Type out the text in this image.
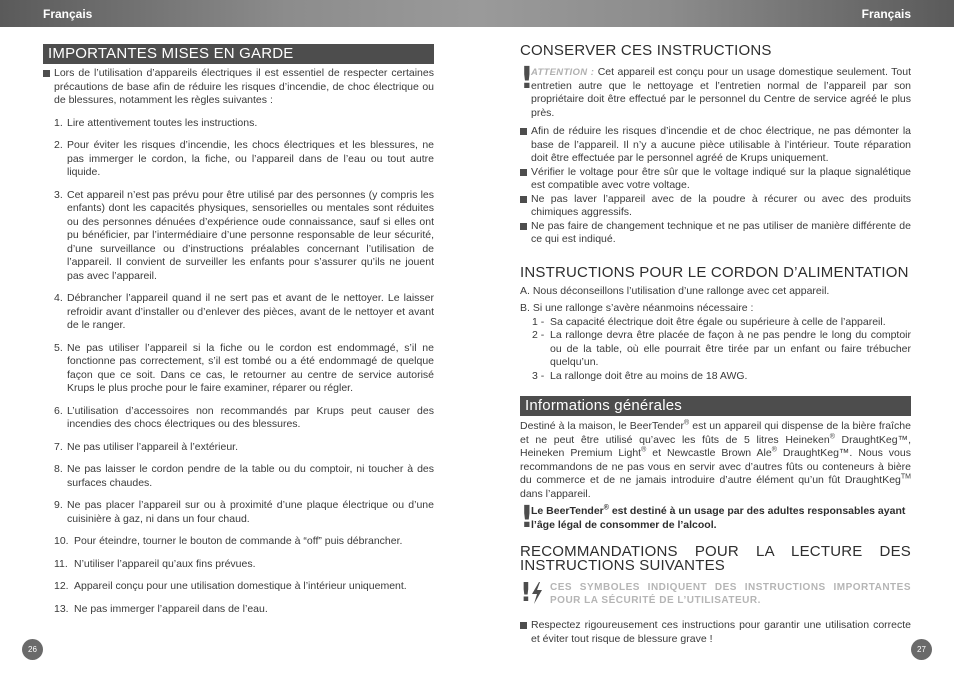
Français	Français
IMPORTANTES MISES EN GARDE
Lors de l’utilisation d’appareils électriques il est essentiel de respecter certaines précautions de base afin de réduire les risques d’incendie, de choc électrique ou de blessures, notamment les règles suivantes :
1. Lire attentivement toutes les instructions.
2. Pour éviter les risques d’incendie, les chocs électriques et les blessures, ne pas immerger le cordon, la fiche, ou l’appareil dans de l’eau ou tout autre liquide.
3. Cet appareil n’est pas prévu pour être utilisé par des personnes (y compris les enfants) dont les capacités physiques, sensorielles ou mentales sont réduites ou des personnes dénuées d’expérience oude connaissance, sauf si elles ont pu bénéficier, par l’intermédiaire d’une personne responsable de leur sécurité, d’une surveillance ou d’instructions préalables concernant l’utilisation de l’appareil. Il convient de surveiller les enfants pour s’assurer qu’ils ne jouent pas avec l’appareil.
4. Débrancher l’appareil quand il ne sert pas et avant de le nettoyer. Le laisser refroidir avant d’installer ou d’enlever des pièces, avant de le nettoyer et avant de le ranger.
5. Ne pas utiliser l’appareil si la fiche ou le cordon est endommagé, s’il ne fonctionne pas correctement, s’il est tombé ou a été endommagé de quelque façon que ce soit. Dans ce cas, le retourner au centre de service autorisé Krups le plus proche pour le faire examiner, réparer ou régler.
6. L’utilisation d’accessoires non recommandés par Krups peut causer des incendies des chocs électriques ou des blessures.
7. Ne pas utiliser l’appareil à l’extérieur.
8. Ne pas laisser le cordon pendre de la table ou du comptoir, ni toucher à des surfaces chaudes.
9. Ne pas placer l’appareil sur ou à proximité d’une plaque électrique ou d’une cuisinière à gaz, ni dans un four chaud.
10. Pour éteindre, tourner le bouton de commande à “off” puis débrancher.
11. N’utiliser l’appareil qu’aux fins prévues.
12. Appareil conçu pour une utilisation domestique à l’intérieur uniquement.
13. Ne pas immerger l’appareil dans de l’eau.
CONSERVER CES INSTRUCTIONS
!
ATTENTION : Cet appareil est conçu pour un usage domestique seulement. Tout entretien autre que le nettoyage et l’entretien normal de l’appareil par son propriétaire doit être effectué par le personnel du Centre de service agréé le plus près.
Afin de réduire les risques d’incendie et de choc électrique, ne pas démonter la base de l’appareil. Il n’y a aucune pièce utilisable à l’intérieur. Toute réparation doit être effectuée par le personnel agréé de Krups uniquement.
Vérifier le voltage pour être sûr que le voltage indiqué sur la plaque signalétique est compatible avec votre voltage.
Ne pas laver l’appareil avec de la poudre à récurer ou avec des produits chimiques aggressifs.
Ne pas faire de changement technique et ne pas utiliser de manière différente de ce qui est indiqué.
INSTRUCTIONS POUR LE CORDON D’ALIMENTATION
A. Nous déconseillons l’utilisation d’une rallonge avec cet appareil.
B. Si une rallonge s’avère néanmoins nécessaire :
1 - Sa capacité électrique doit être égale ou supérieure à celle de l’appareil.
2 - La rallonge devra être placée de façon à ne pas pendre le long du comptoir ou de la table, où elle pourrait être tirée par un enfant ou faire trébucher quelqu’un.
3 - La rallonge doit être au moins de 18 AWG.
Informations générales
Destiné à la maison, le BeerTender® est un appareil qui dispense de la bière fraîche et ne peut être utilisé qu’avec les fûts de 5 litres Heineken® DraughtKeg™, Heineken Premium Light® et Newcastle Brown Ale® DraughtKeg™. Nous vous recommandons de ne pas vous en servir avec d’autres fûts ou conteneurs à bière du commerce et de ne jamais introduire d’autre élément qu’un fût DraughtKeg™ dans l’appareil.
!
Le BeerTender® est destiné à un usage par des adultes responsables ayant l’âge légal de consommer de l’alcool.
RECOMMANDATIONS POUR LA LECTURE DES INSTRUCTIONS SUIVANTES
! CES SYMBOLES INDIQUENT DES INSTRUCTIONS IMPORTANTES POUR LA SÉCURITÉ DE L’UTILISATEUR.
Respectez rigoureusement ces instructions pour garantir une utilisation correcte et éviter tout risque de blessure grave !
26	27
